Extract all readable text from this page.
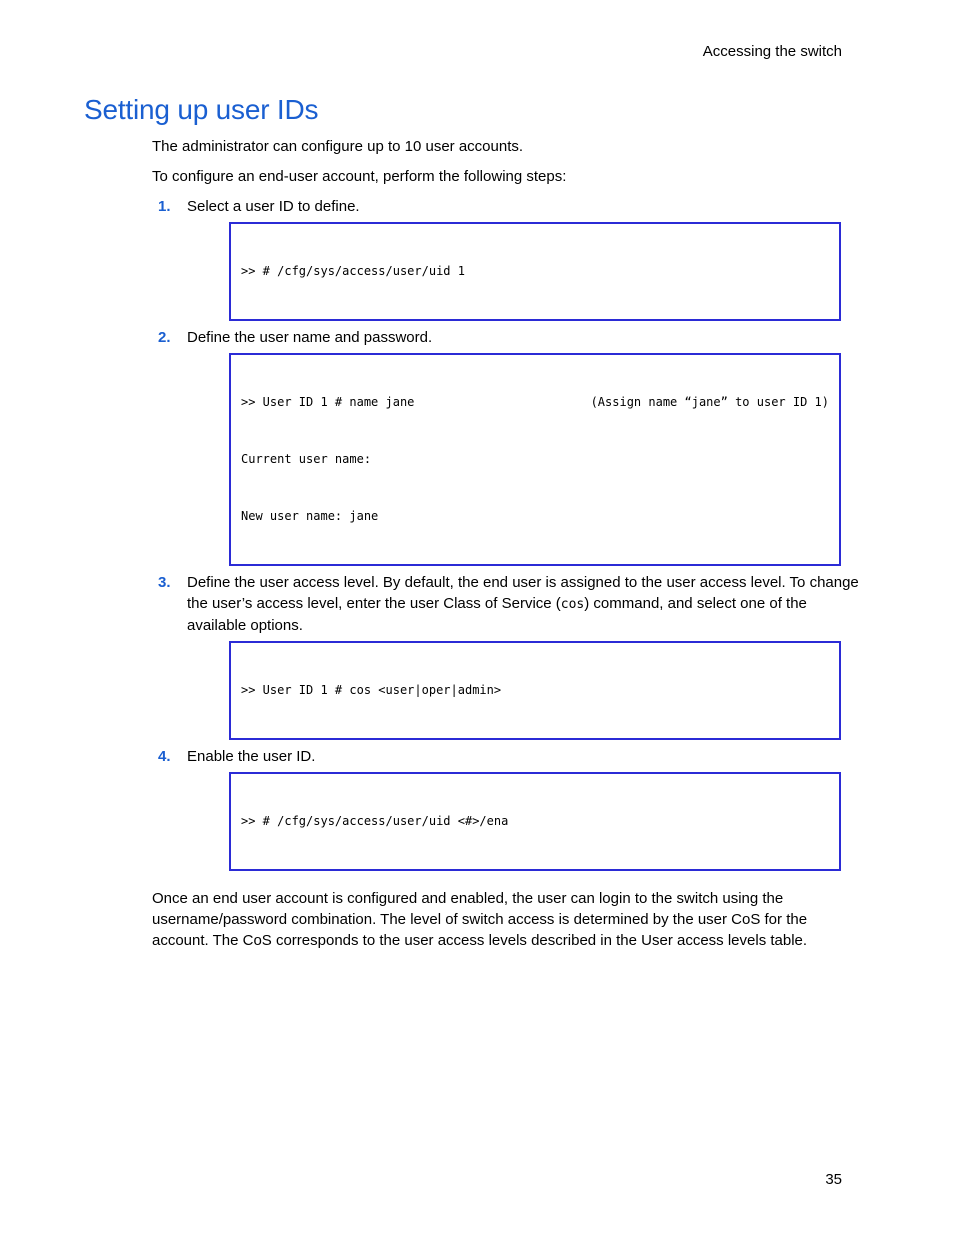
Accessing the switch
Setting up user IDs

The administrator can configure up to 10 user accounts.

To configure an end-user account, perform the following steps:

1. Select a user ID to define.

>> # /cfg/sys/access/user/uid 1

2. Define the user name and password.

>> User ID 1 # name jane	(Assign name “jane” to user ID 1)

Current user name:

New user name: jane

3. Define the user access level. By default, the end user is assigned to the user access level. To change the user’s access level, enter the user Class of Service (cos) command, and select one of the available options.

>> User ID 1 # cos <user|oper|admin>

4. Enable the user ID.

>> # /cfg/sys/access/user/uid <#>/ena

Once an end user account is configured and enabled, the user can login to the switch using the username/password combination. The level of switch access is determined by the user CoS for the account. The CoS corresponds to the user access levels described in the User access levels table.

35
